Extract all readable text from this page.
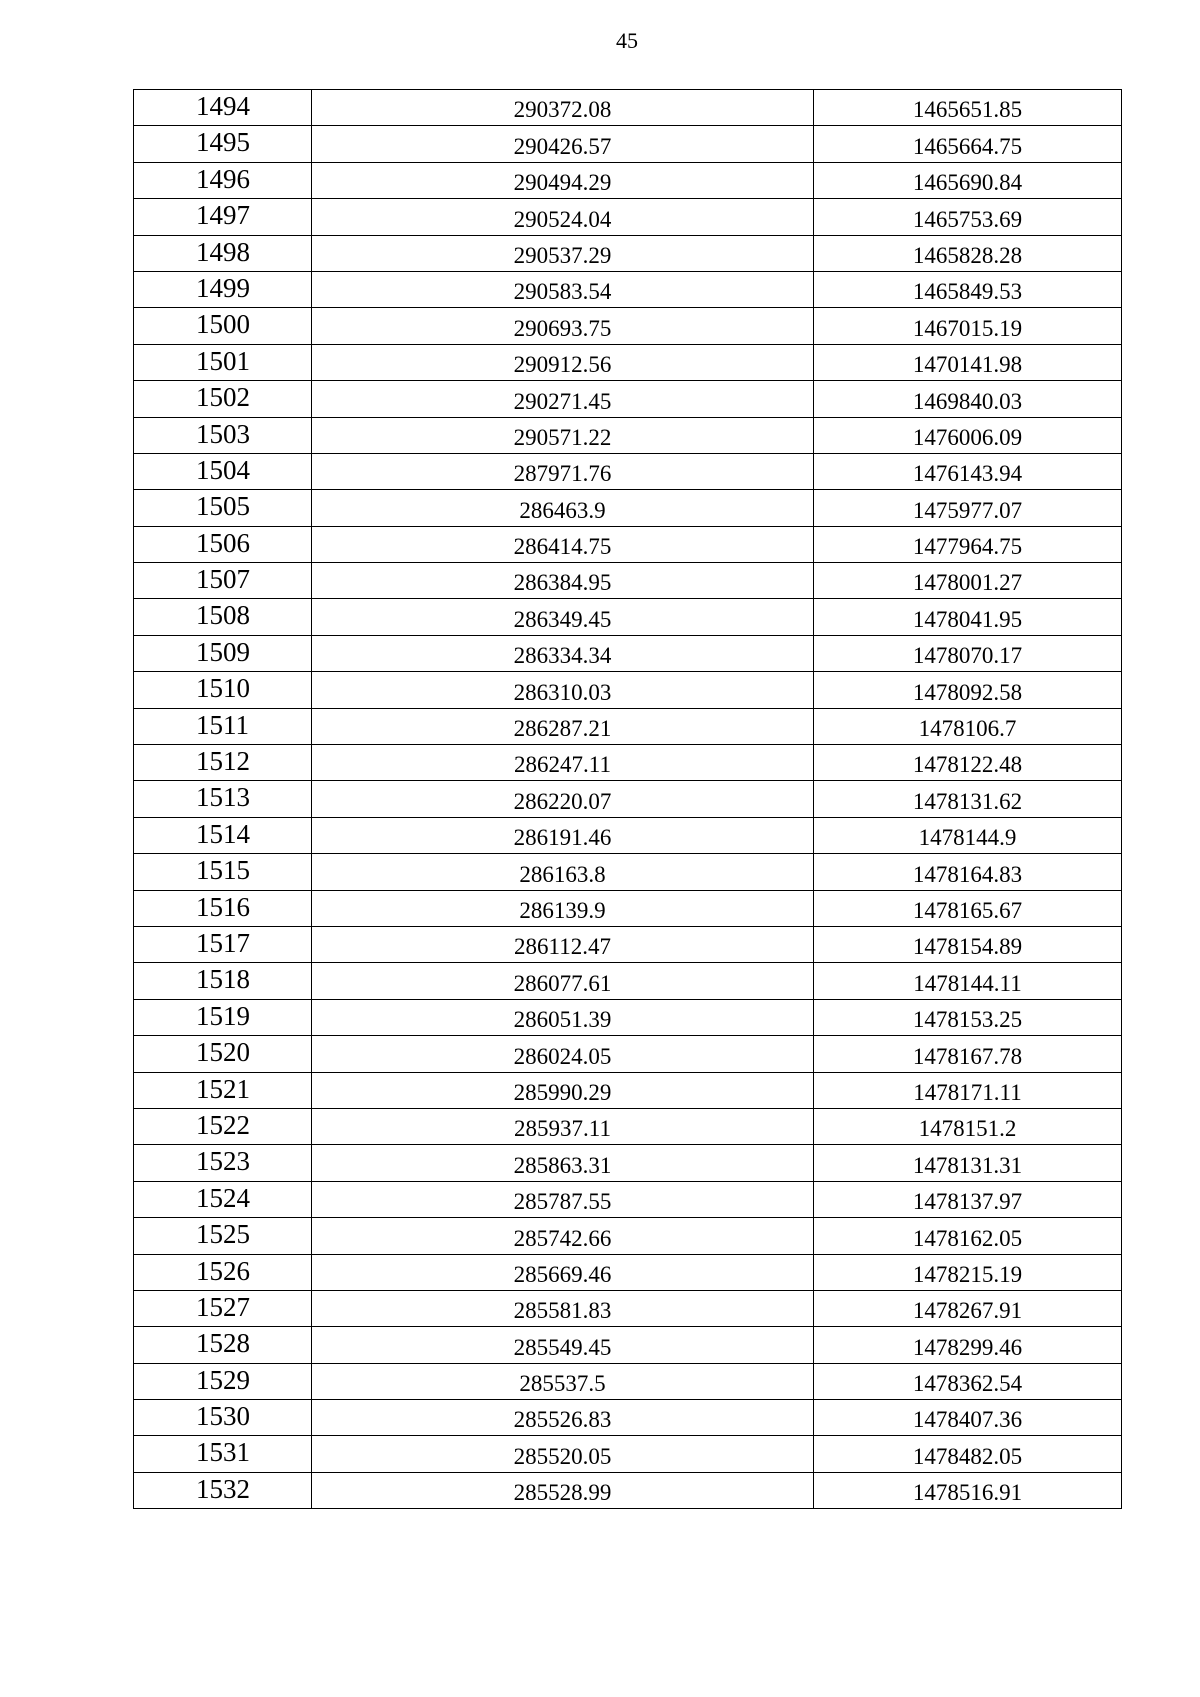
45
1494	290372.08	1465651.85
1495	290426.57	1465664.75
1496	290494.29	1465690.84
1497	290524.04	1465753.69
1498	290537.29	1465828.28
1499	290583.54	1465849.53
1500	290693.75	1467015.19
1501	290912.56	1470141.98
1502	290271.45	1469840.03
1503	290571.22	1476006.09
1504	287971.76	1476143.94
1505	286463.9	1475977.07
1506	286414.75	1477964.75
1507	286384.95	1478001.27
1508	286349.45	1478041.95
1509	286334.34	1478070.17
1510	286310.03	1478092.58
1511	286287.21	1478106.7
1512	286247.11	1478122.48
1513	286220.07	1478131.62
1514	286191.46	1478144.9
1515	286163.8	1478164.83
1516	286139.9	1478165.67
1517	286112.47	1478154.89
1518	286077.61	1478144.11
1519	286051.39	1478153.25
1520	286024.05	1478167.78
1521	285990.29	1478171.11
1522	285937.11	1478151.2
1523	285863.31	1478131.31
1524	285787.55	1478137.97
1525	285742.66	1478162.05
1526	285669.46	1478215.19
1527	285581.83	1478267.91
1528	285549.45	1478299.46
1529	285537.5	1478362.54
1530	285526.83	1478407.36
1531	285520.05	1478482.05
1532	285528.99	1478516.91
